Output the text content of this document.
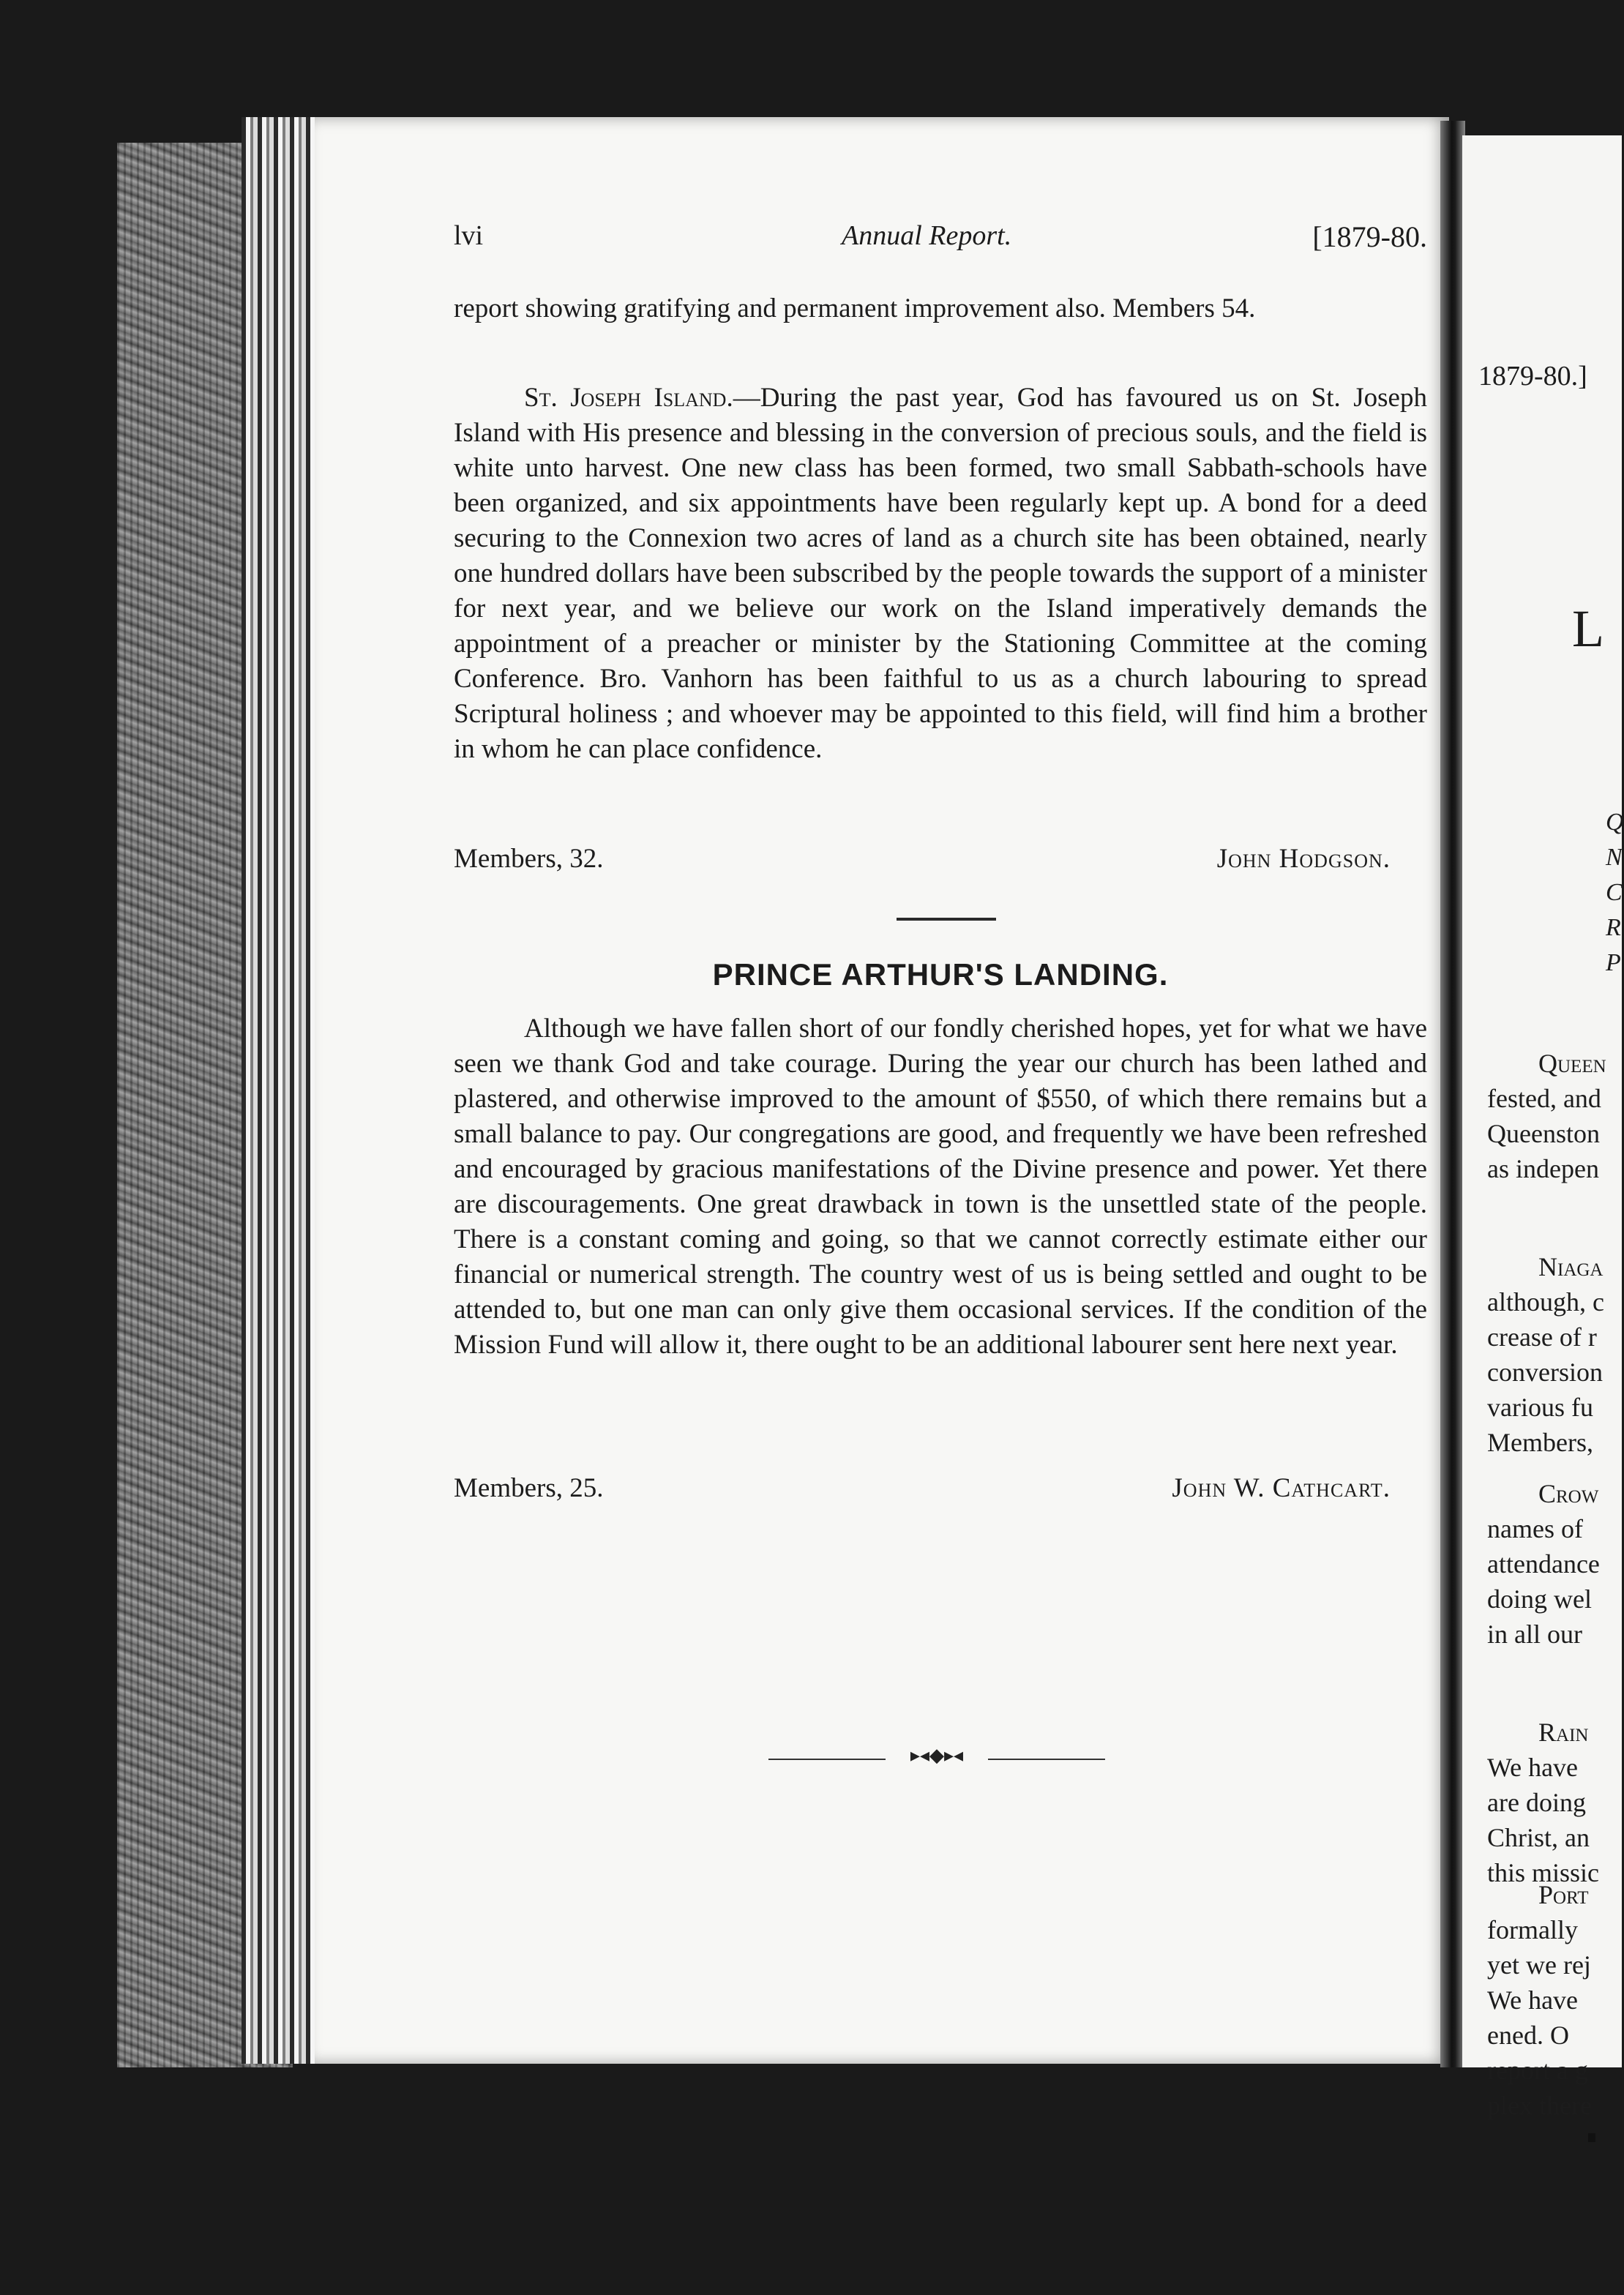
1879-80.]
L
Q
N
C
R
P
Queen
fested, and
Queenston
as indepen
Niaga
although, c
crease of r
conversion
various fu
Members,
Crow
names of
attendance
doing wel
in all our
Rain
We have
are doing
Christ, an
this missic
Port
formally
yet we rej
We have
ened. O
report a g
plex there
lvi	Annual Report.	[1879-80.
report showing gratifying and permanent improvement also. Members 54.
St. Joseph Island.—During the past year, God has favoured us on St. Joseph Island with His presence and blessing in the conversion of precious souls, and the field is white unto harvest. One new class has been formed, two small Sabbath-schools have been organized, and six appointments have been regularly kept up. A bond for a deed securing to the Connexion two acres of land as a church site has been obtained, nearly one hundred dollars have been subscribed by the people towards the support of a minister for next year, and we believe our work on the Island imperatively demands the appointment of a preacher or minister by the Stationing Committee at the coming Conference. Bro. Vanhorn has been faithful to us as a church labouring to spread Scriptural holiness ; and whoever may be appointed to this field, will find him a brother in whom he can place confidence.
Members, 32.	John Hodgson.
PRINCE ARTHUR'S LANDING.
Although we have fallen short of our fondly cherished hopes, yet for what we have seen we thank God and take courage. During the year our church has been lathed and plastered, and otherwise improved to the amount of $550, of which there remains but a small balance to pay. Our congregations are good, and frequently we have been refreshed and encouraged by gracious manifestations of the Divine presence and power. Yet there are discouragements. One great drawback in town is the unsettled state of the people. There is a constant coming and going, so that we cannot correctly estimate either our financial or numerical strength. The country west of us is being settled and ought to be attended to, but one man can only give them occasional services. If the condition of the Mission Fund will allow it, there ought to be an additional labourer sent here next year.
Members, 25.	John W. Cathcart.
▸◂◆▸◂
